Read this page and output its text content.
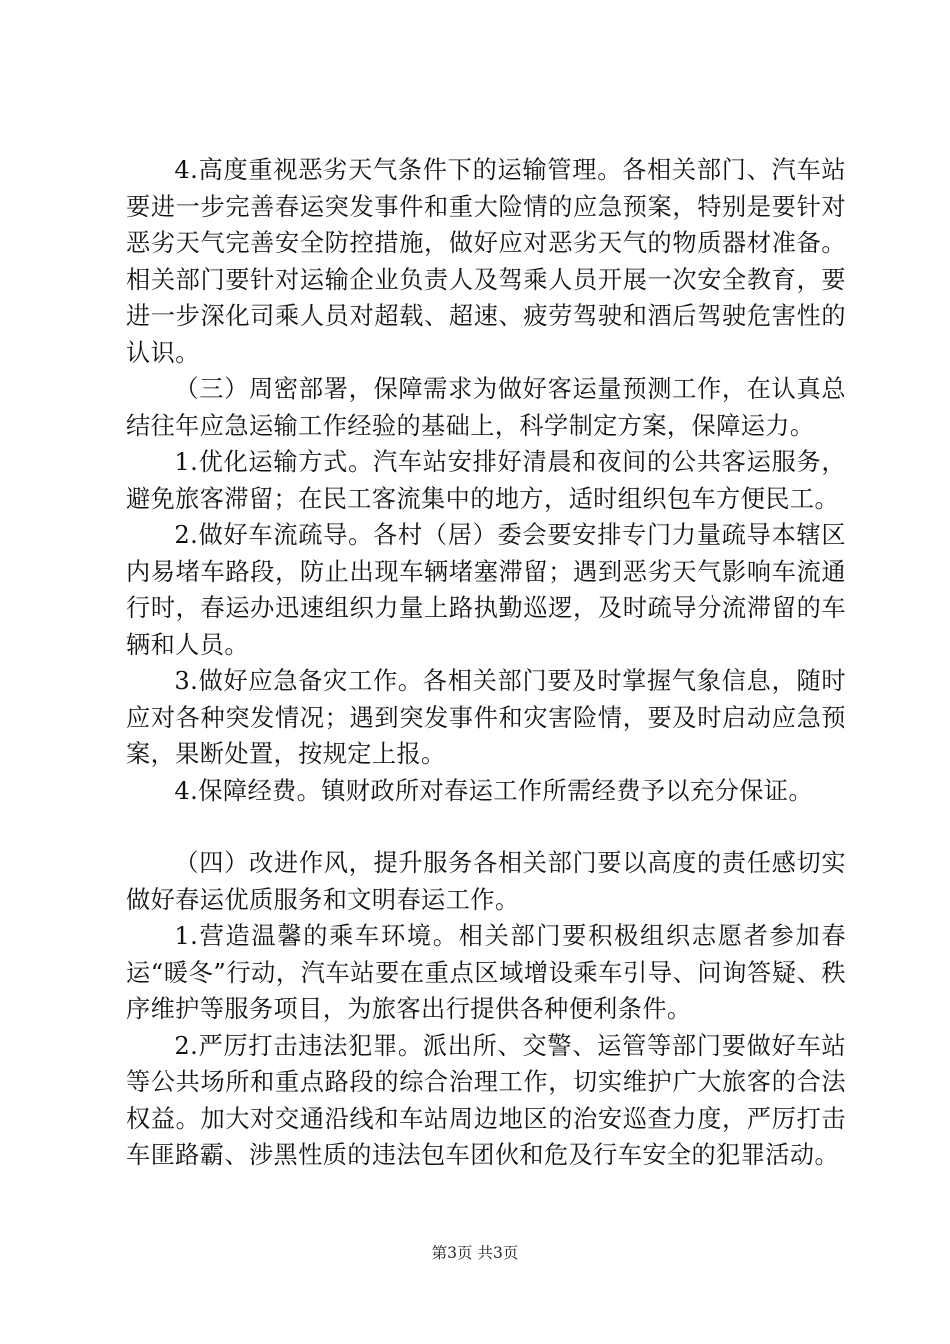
4.高度重视恶劣天气条件下的运输管理。各相关部门、汽车站要进一步完善春运突发事件和重大险情的应急预案，特别是要针对恶劣天气完善安全防控措施，做好应对恶劣天气的物质器材准备。相关部门要针对运输企业负责人及驾乘人员开展一次安全教育，要进一步深化司乘人员对超载、超速、疲劳驾驶和酒后驾驶危害性的认识。

（三）周密部署，保障需求为做好客运量预测工作，在认真总结往年应急运输工作经验的基础上，科学制定方案，保障运力。

1.优化运输方式。汽车站安排好清晨和夜间的公共客运服务，避免旅客滞留；在民工客流集中的地方，适时组织包车方便民工。

2.做好车流疏导。各村（居）委会要安排专门力量疏导本辖区内易堵车路段，防止出现车辆堵塞滞留；遇到恶劣天气影响车流通行时，春运办迅速组织力量上路执勤巡逻，及时疏导分流滞留的车辆和人员。

3.做好应急备灾工作。各相关部门要及时掌握气象信息，随时应对各种突发情况；遇到突发事件和灾害险情，要及时启动应急预案，果断处置，按规定上报。

4.保障经费。镇财政所对春运工作所需经费予以充分保证。

（四）改进作风，提升服务各相关部门要以高度的责任感切实做好春运优质服务和文明春运工作。

1.营造温馨的乘车环境。相关部门要积极组织志愿者参加春运“暖冬”行动，汽车站要在重点区域增设乘车引导、问询答疑、秩序维护等服务项目，为旅客出行提供各种便利条件。

2.严厉打击违法犯罪。派出所、交警、运管等部门要做好车站等公共场所和重点路段的综合治理工作，切实维护广大旅客的合法权益。加大对交通沿线和车站周边地区的治安巡查力度，严厉打击车匪路霸、涉黑性质的违法包车团伙和危及行车安全的犯罪活动。

第3页 共3页
